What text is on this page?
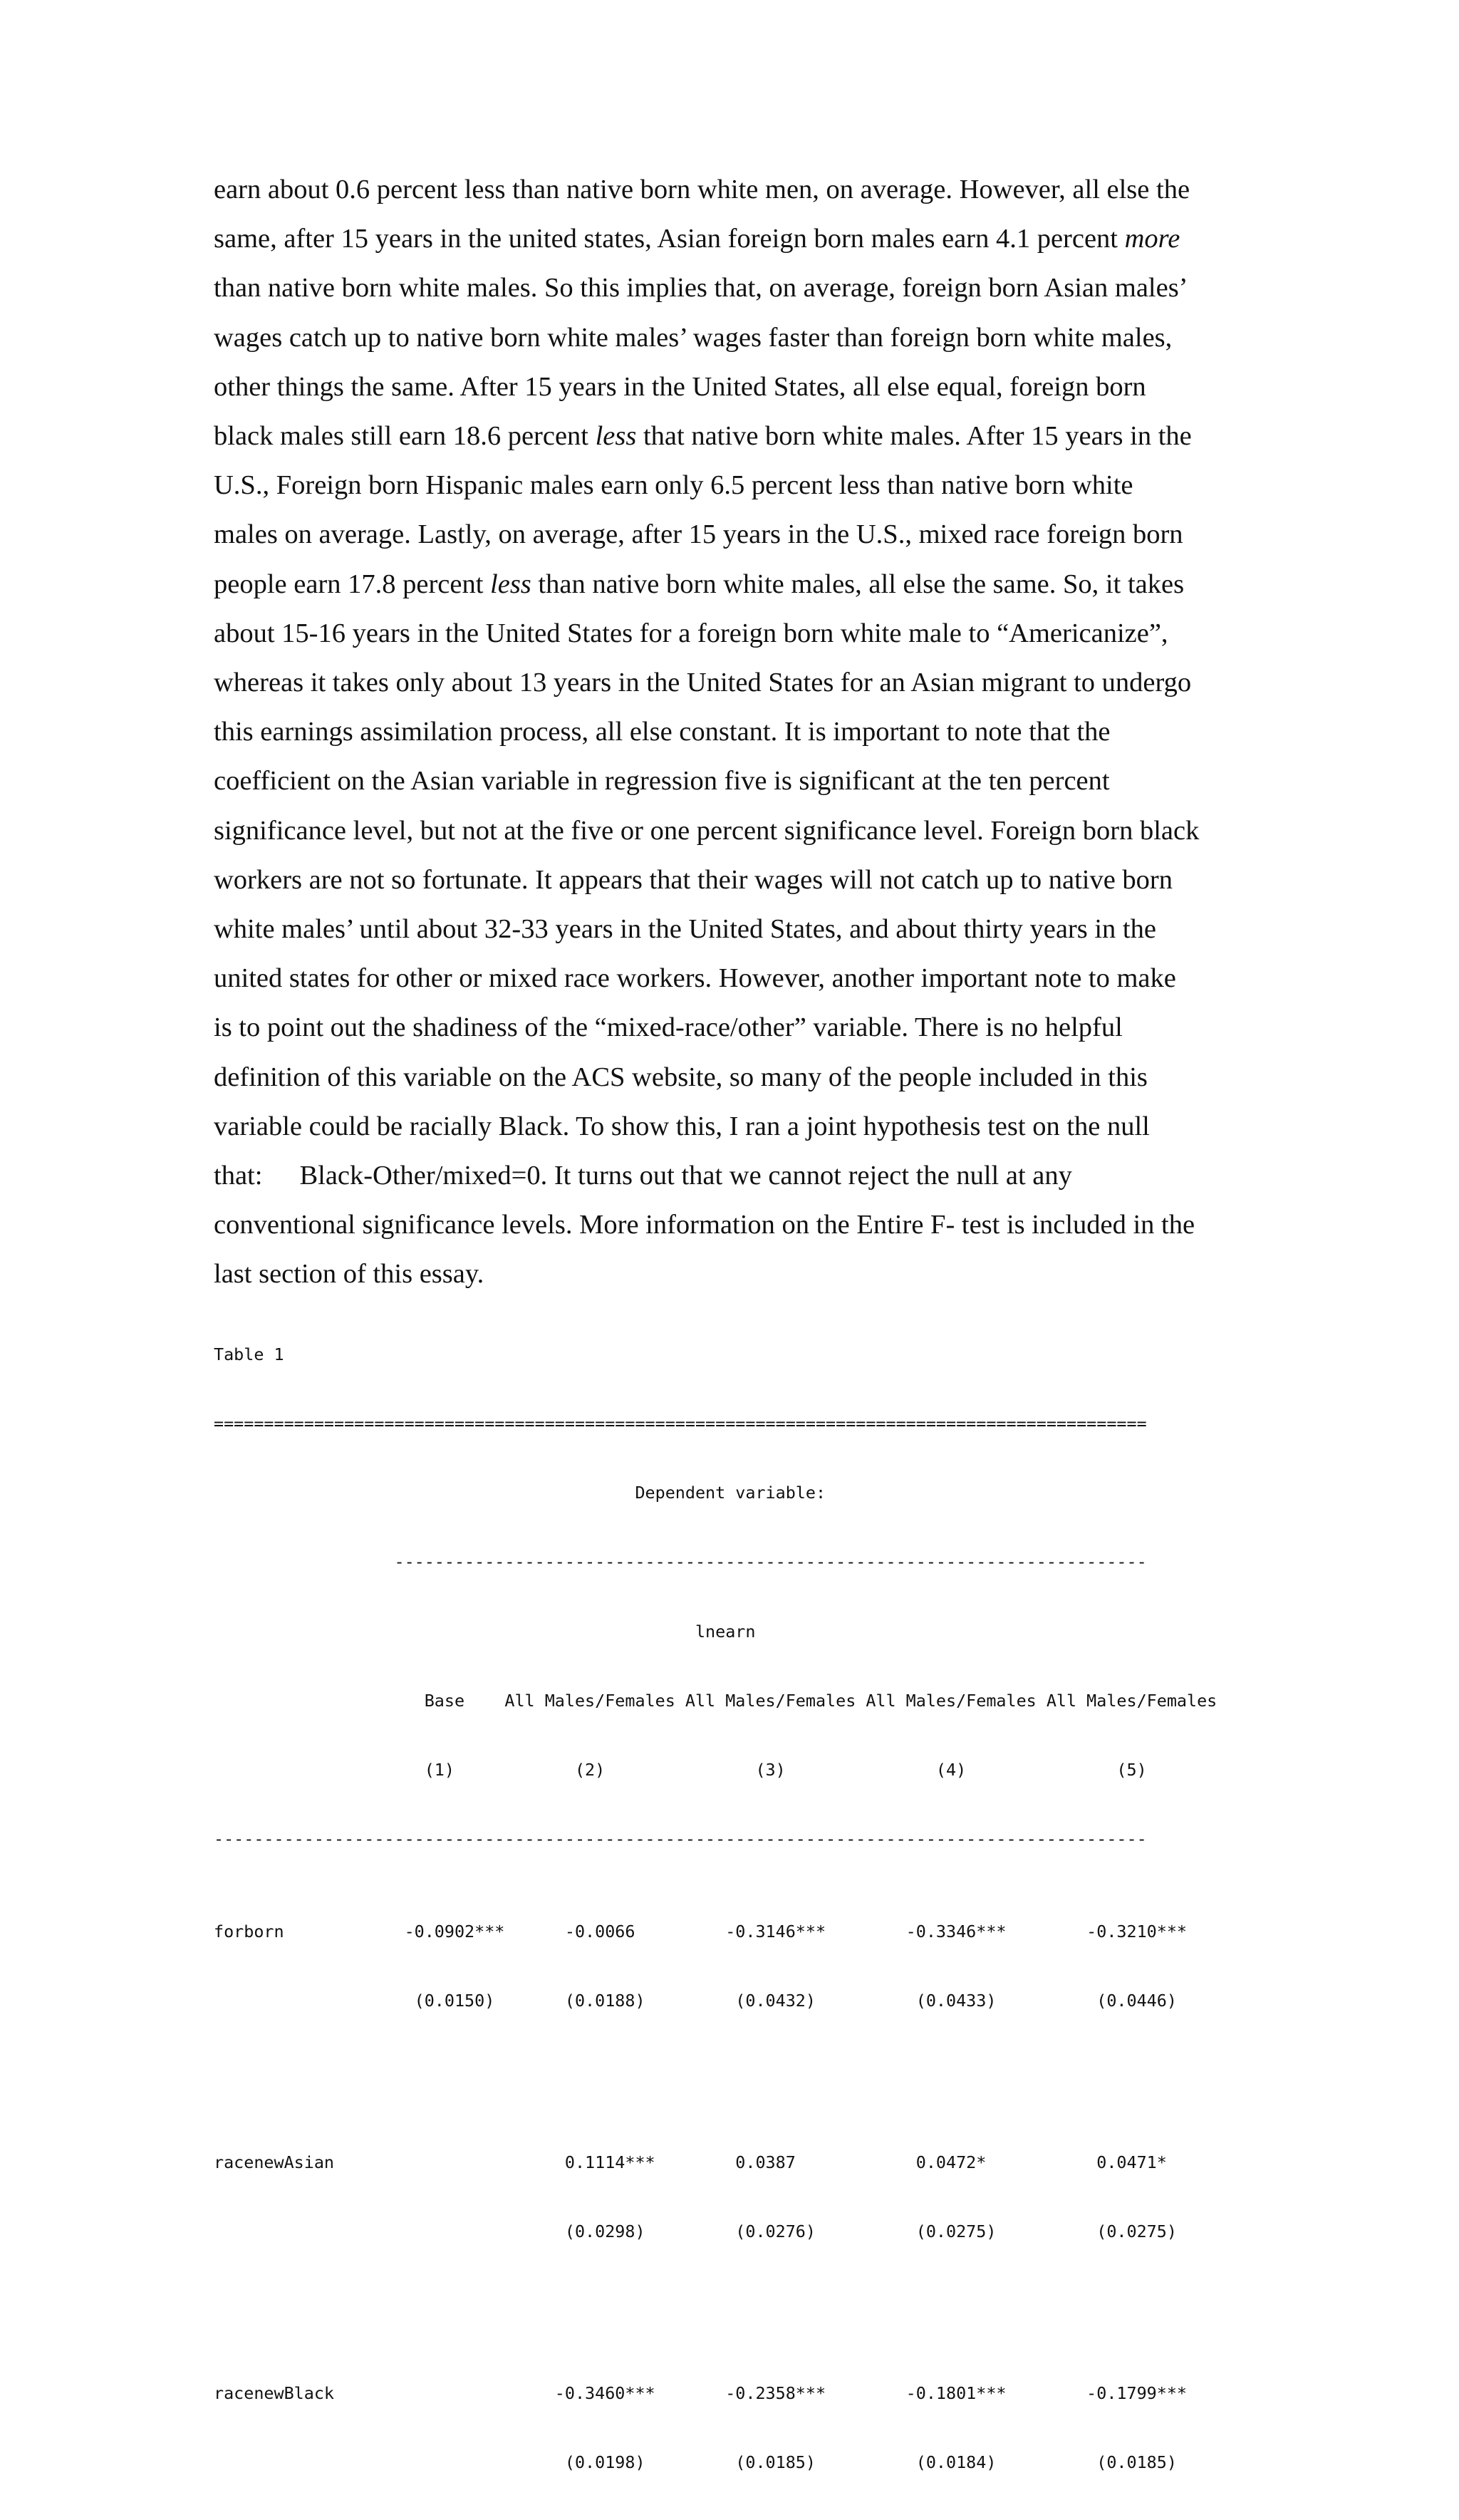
earn about 0.6 percent less than native born white men, on average. However, all else the
same, after 15 years in the united states, Asian foreign born males earn 4.1 percent more
than native born white males. So this implies that, on average, foreign born Asian males’
wages catch up to native born white males’ wages faster than foreign born white males,
other things the same. After 15 years in the United States, all else equal, foreign born
black males still earn 18.6 percent less that native born white males. After 15 years in the
U.S., Foreign born Hispanic males earn only 6.5 percent less than native born white
males on average. Lastly, on average, after 15 years in the U.S., mixed race foreign born
people earn 17.8 percent less than native born white males, all else the same. So, it takes
about 15-16 years in the United States for a foreign born white male to “Americanize”,
whereas it takes only about 13 years in the United States for an Asian migrant to undergo
this earnings assimilation process, all else constant. It is important to note that the
coefficient on the Asian variable in regression five is significant at the ten percent
significance level, but not at the five or one percent significance level. Foreign born black
workers are not so fortunate. It appears that their wages will not catch up to native born
white males’ until about 32-33 years in the United States, and about thirty years in the
united states for other or mixed race workers. However, another important note to make
is to point out the shadiness of the “mixed-race/other” variable. There is no helpful
definition of this variable on the ACS website, so many of the people included in this
variable could be racially Black. To show this, I ran a joint hypothesis test on the null
that: Black-Other/mixed=0. It turns out that we cannot reject the null at any
conventional significance levels. More information on the Entire F- test is included in the
last section of this essay.

Table 1

=============================================================================================

Dependent variable:

---------------------------------------------------------------------------

lnearn

Base    All Males/Females All Males/Females All Males/Females All Males/Females

(1)            (2)               (3)               (4)               (5)

---------------------------------------------------------------------------------------------

forborn            -0.0902***      -0.0066         -0.3146***        -0.3346***        -0.3210***

(0.0150)       (0.0188)         (0.0432)          (0.0433)          (0.0446)

racenewAsian                       0.1114***        0.0387            0.0472*           0.0471*

(0.0298)         (0.0276)          (0.0275)          (0.0275)

racenewBlack                      -0.3460***       -0.2358***        -0.1801***        -0.1799***

(0.0198)         (0.0185)          (0.0184)          (0.0185)
